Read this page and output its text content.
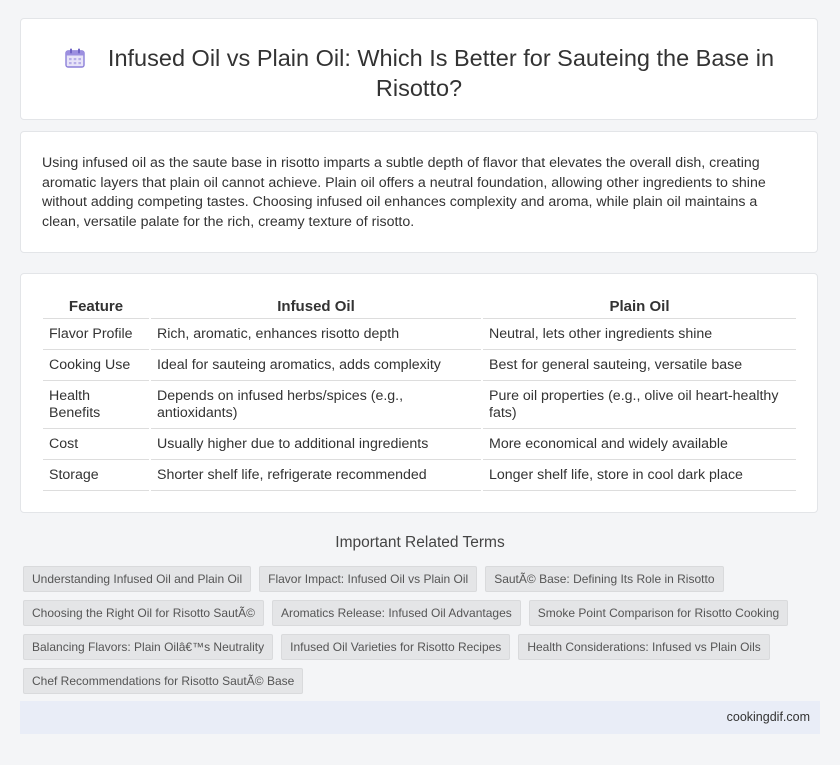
Infused Oil vs Plain Oil: Which Is Better for Sauteing the Base in Risotto?

Using infused oil as the saute base in risotto imparts a subtle depth of flavor that elevates the overall dish, creating aromatic layers that plain oil cannot achieve. Plain oil offers a neutral foundation, allowing other ingredients to shine without adding competing tastes. Choosing infused oil enhances complexity and aroma, while plain oil maintains a clean, versatile palate for the rich, creamy texture of risotto.

Feature	Infused Oil	Plain Oil
Flavor Profile	Rich, aromatic, enhances risotto depth	Neutral, lets other ingredients shine
Cooking Use	Ideal for sauteing aromatics, adds complexity	Best for general sauteing, versatile base
Health Benefits	Depends on infused herbs/spices (e.g., antioxidants)	Pure oil properties (e.g., olive oil heart-healthy fats)
Cost	Usually higher due to additional ingredients	More economical and widely available
Storage	Shorter shelf life, refrigerate recommended	Longer shelf life, store in cool dark place
Important Related Terms
Understanding Infused Oil and Plain Oil	Flavor Impact: Infused Oil vs Plain Oil	SautÃ© Base: Defining Its Role in Risotto
Choosing the Right Oil for Risotto SautÃ©	Aromatics Release: Infused Oil Advantages	Smoke Point Comparison for Risotto Cooking
Balancing Flavors: Plain Oilâ€™s Neutrality	Infused Oil Varieties for Risotto Recipes	Health Considerations: Infused vs Plain Oils
Chef Recommendations for Risotto SautÃ© Base
cookingdif.com
